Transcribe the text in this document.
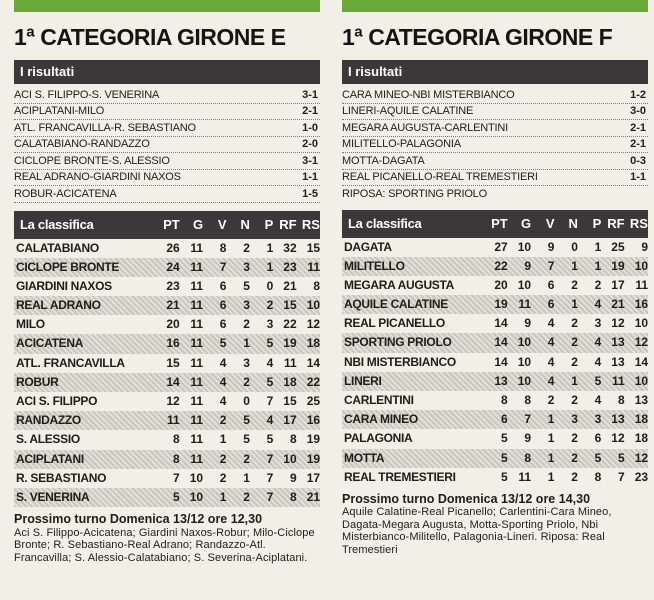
1ª CATEGORIA GIRONE E
I risultati
ACI S. FILIPPO-S. VENERINA	3-1
ACIPLATANI-MILO	2-1
ATL. FRANCAVILLA-R. SEBASTIANO	1-0
CALATABIANO-RANDAZZO	2-0
CICLOPE BRONTE-S. ALESSIO	3-1
REAL ADRANO-GIARDINI NAXOS	1-1
ROBUR-ACICATENA	1-5
La classifica	PT	G	V	N	P RF RS
CALATABIANO	26 11	8	2	1 32 15
CICLOPE BRONTE	24 11	7	3	1 23 11
GIARDINI NAXOS	23 11	6	5	0 21	8
REAL ADRANO	21 11	6	3	2 15 10
MILO	20 11	6	2	3 22 12
ACICATENA	16 11	5	1	5 19 18
ATL. FRANCAVILLA	15 11	4	3	4 11 14
ROBUR	14 11	4	2	5 18 22
ACI S. FILIPPO	12 11	4	0	7 15 25
RANDAZZO	11 11	2	5	4 17 16
S. ALESSIO	8 11	1	5	5	8 19
ACIPLATANI	8 11	2	2	7 10 19
R. SEBASTIANO	7 10	2	1	7	9 17
S. VENERINA	5 10	1	2	7	8 21
Prossimo turno Domenica 13/12 ore 12,30
Aci S. Filippo-Acicatena; Giardini Naxos-Robur; Milo-Ciclope Bronte; R. Sebastiano-Real Adrano; Randazzo-Atl. Francavilla; S. Alessio-Calatabiano; S. Severina-Aciplatani.
1ª CATEGORIA GIRONE F
I risultati
CARA MINEO-NBI MISTERBIANCO	1-2
LINERI-AQUILE CALATINE	3-0
MEGARA AUGUSTA-CARLENTINI	2-1
MILITELLO-PALAGONIA	2-1
MOTTA-DAGATA	0-3
REAL PICANELLO-REAL TREMESTIERI	1-1
RIPOSA: SPORTING PRIOLO
La classifica	PT	G	V	N	P RF RS
DAGATA	27 10	9	0	1 25	9
MILITELLO	22	9	7	1	1 19 10
MEGARA AUGUSTA	20 10	6	2	2 17 11
AQUILE CALATINE	19 11	6	1	4 21 16
REAL PICANELLO	14	9	4	2	3 12 10
SPORTING PRIOLO	14 10	4	2	4 13 12
NBI MISTERBIANCO	14 10	4	2	4 13 14
LINERI	13 10	4	1	5 11 10
CARLENTINI	8	8	2	2	4	8 13
CARA MINEO	6	7	1	3	3 13 18
PALAGONIA	5	9	1	2	6 12 18
MOTTA	5	8	1	2	5	5 12
REAL TREMESTIERI	5 11	1	2	8	7 23
Prossimo turno Domenica 13/12 ore 14,30
Aquile Calatine-Real Picanello; Carlentini-Cara Mineo, Dagata-Megara Augusta, Motta-Sporting Priolo, Nbi Misterbianco-Militello, Palagonia-Lineri. Riposa: Real Tremestieri
